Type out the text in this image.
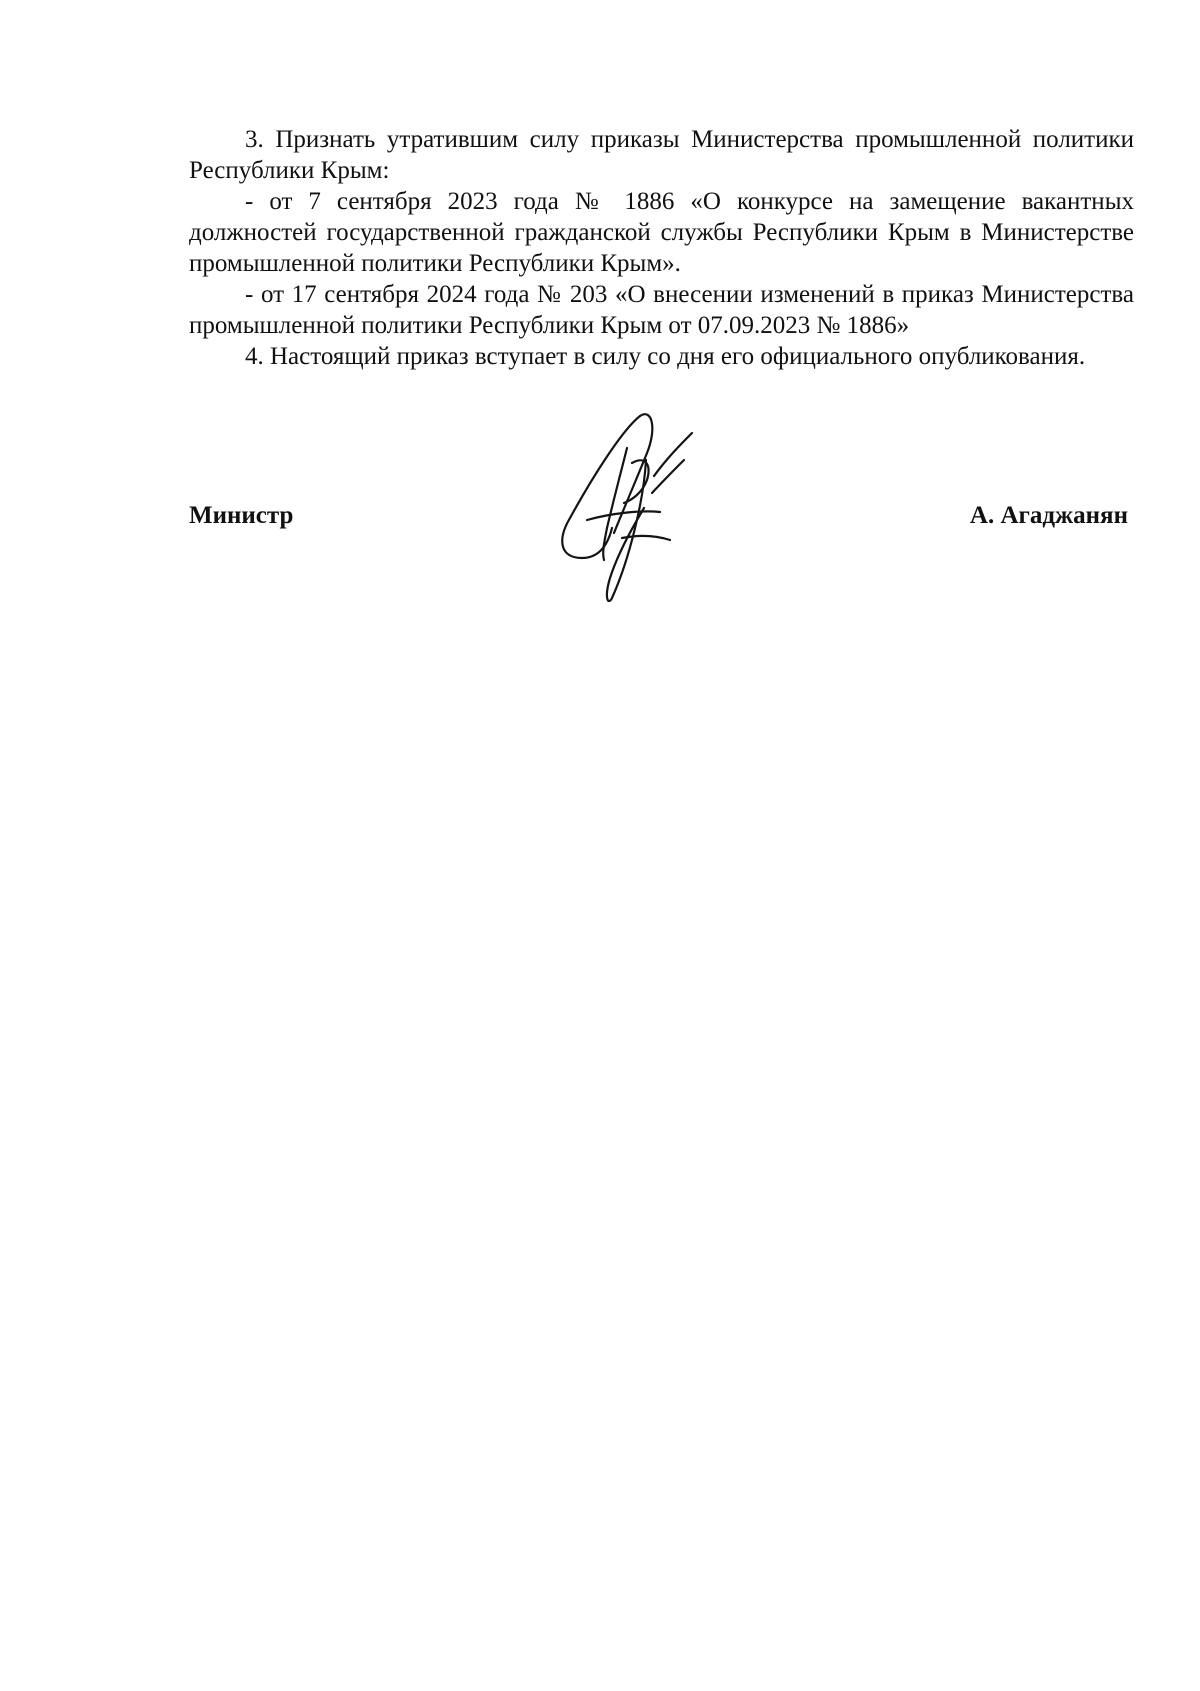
3. Признать утратившим силу приказы Министерства промышленной политики Республики Крым:

- от 7 сентября 2023 года № 1886 «О конкурсе на замещение вакантных должностей государственной гражданской службы Республики Крым в Министерстве промышленной политики Республики Крым».

- от 17 сентября 2024 года № 203 «О внесении изменений в приказ Министерства промышленной политики Республики Крым от 07.09.2023 № 1886»

4. Настоящий приказ вступает в силу со дня его официального опубликования.

Министр	А. Агаджанян
